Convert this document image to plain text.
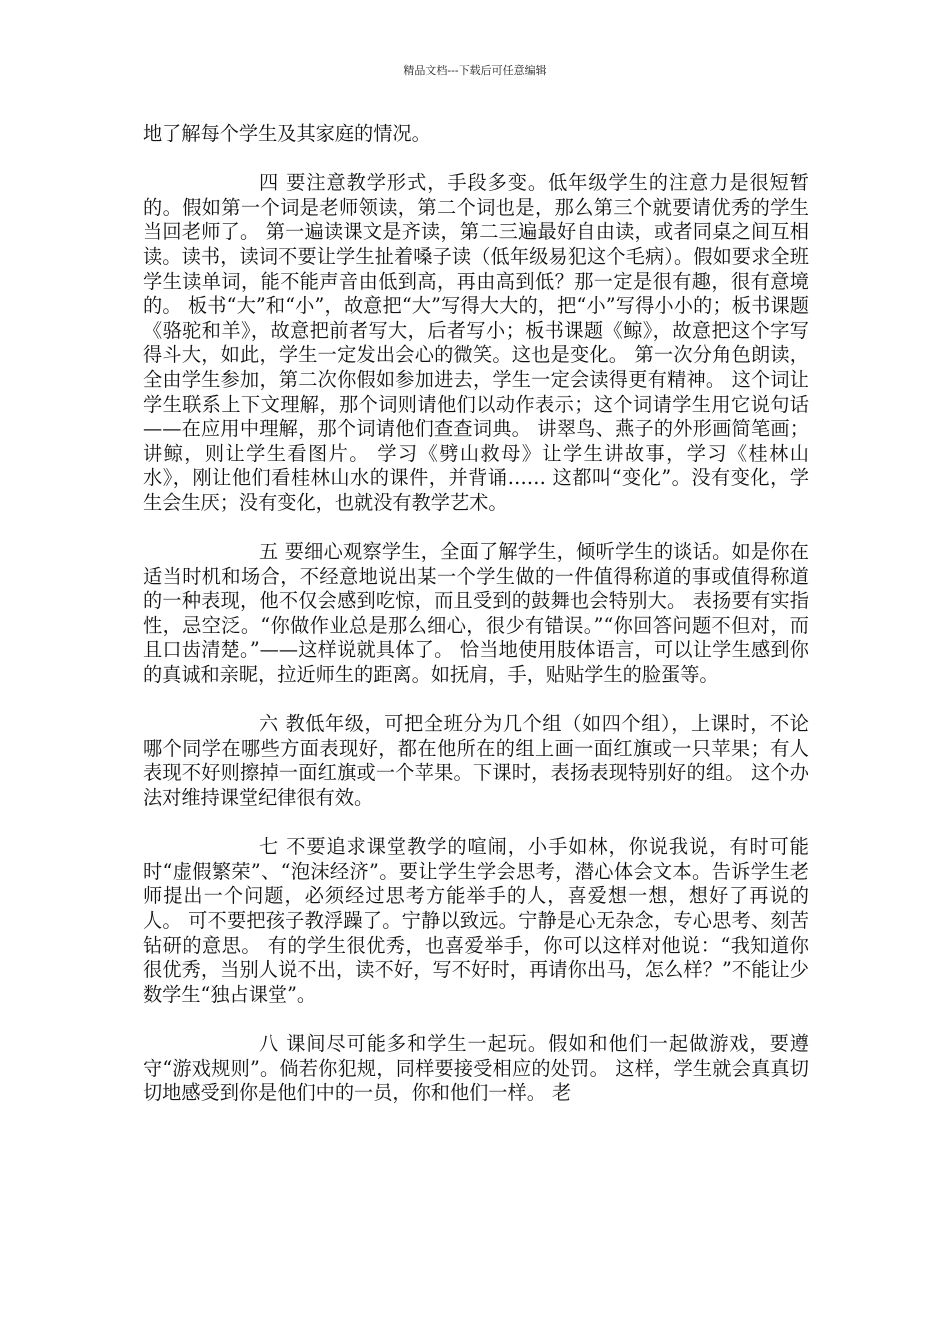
精品文档---下载后可任意编辑

地了解每个学生及其家庭的情况。

四 要注意教学形式，手段多变。低年级学生的注意力是很短暂的。假如第一个词是老师领读，第二个词也是，那么第三个就要请优秀的学生当回老师了。 第一遍读课文是齐读，第二三遍最好自由读，或者同桌之间互相读。读书，读词不要让学生扯着嗓子读（低年级易犯这个毛病）。假如要求全班学生读单词，能不能声音由低到高，再由高到低？那一定是很有趣，很有意境的。 板书“大”和“小”，故意把“大”写得大大的，把“小”写得小小的；板书课题《骆驼和羊》，故意把前者写大，后者写小；板书课题《鲸》，故意把这个字写得斗大，如此，学生一定发出会心的微笑。这也是变化。 第一次分角色朗读，全由学生参加，第二次你假如参加进去，学生一定会读得更有精神。 这个词让学生联系上下文理解，那个词则请他们以动作表示；这个词请学生用它说句话——在应用中理解，那个词请他们查查词典。 讲翠鸟、燕子的外形画简笔画；讲鲸，则让学生看图片。 学习《劈山救母》让学生讲故事，学习《桂林山水》，刚让他们看桂林山水的课件，并背诵…… 这都叫“变化”。没有变化，学生会生厌；没有变化，也就没有教学艺术。

五 要细心观察学生，全面了解学生，倾听学生的谈话。如是你在适当时机和场合，不经意地说出某一个学生做的一件值得称道的事或值得称道的一种表现，他不仅会感到吃惊，而且受到的鼓舞也会特别大。 表扬要有实指性，忌空泛。“你做作业总是那么细心，很少有错误。”“你回答问题不但对，而且口齿清楚。”——这样说就具体了。 恰当地使用肢体语言，可以让学生感到你的真诚和亲昵，拉近师生的距离。如抚肩，手，贴贴学生的脸蛋等。

六 教低年级，可把全班分为几个组（如四个组），上课时，不论哪个同学在哪些方面表现好，都在他所在的组上画一面红旗或一只苹果；有人表现不好则擦掉一面红旗或一个苹果。下课时，表扬表现特别好的组。 这个办法对维持课堂纪律很有效。

七 不要追求课堂教学的喧闹，小手如林，你说我说，有时可能时“虚假繁荣”、“泡沫经济”。要让学生学会思考，潜心体会文本。告诉学生老师提出一个问题，必须经过思考方能举手的人，喜爱想一想，想好了再说的人。 可不要把孩子教浮躁了。宁静以致远。宁静是心无杂念，专心思考、刻苦钻研的意思。 有的学生很优秀，也喜爱举手，你可以这样对他说：“我知道你很优秀，当别人说不出，读不好，写不好时，再请你出马，怎么样？”不能让少数学生“独占课堂”。

八 课间尽可能多和学生一起玩。假如和他们一起做游戏，要遵守“游戏规则”。倘若你犯规，同样要接受相应的处罚。 这样，学生就会真真切切地感受到你是他们中的一员，你和他们一样。 老
